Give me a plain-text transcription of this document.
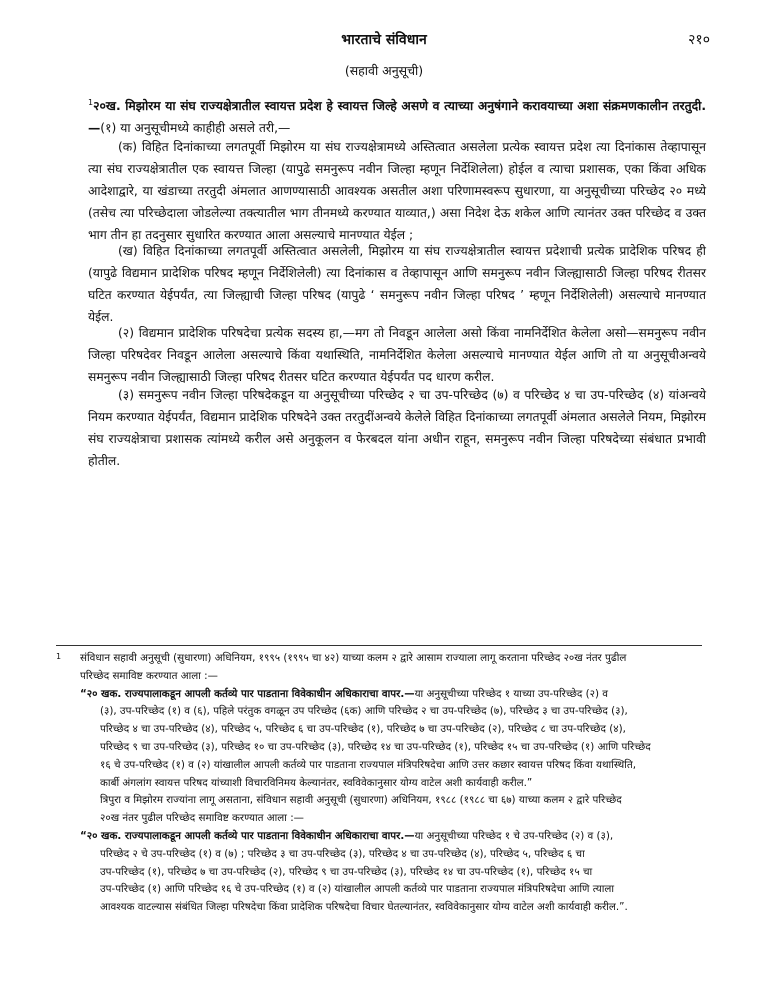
भारताचे संविधान	२१०
(सहावी अनुसूची)
$^1$२०ख. मिझोरम या संघ राज्यक्षेत्रातील स्वायत्त प्रदेश हे स्वायत्त जिल्हे असणे व त्याच्या अनुषंगाने करावयाच्या अशा संक्रमणकालीन तरतुदी.—(१) या अनुसूचीमध्ये काहीही असले तरी,—
(क) विहित दिनांकाच्या लगतपूर्वी मिझोरम या संघ राज्यक्षेत्रामध्ये अस्तित्वात असलेला प्रत्येक स्वायत्त प्रदेश त्या दिनांकास तेव्हापासून त्या संघ राज्यक्षेत्रातील एक स्वायत्त जिल्हा (यापुढे समनुरूप नवीन जिल्हा म्हणून निर्देशिलेला) होईल व त्याचा प्रशासक, एका किंवा अधिक आदेशाद्वारे, या खंडाच्या तरतुदी अंमलात आणण्यासाठी आवश्यक असतील अशा परिणामस्वरूप सुधारणा, या अनुसूचीच्या परिच्छेद २० मध्ये (तसेच त्या परिच्छेदाला जोडलेल्या तक्त्यातील भाग तीनमध्ये करण्यात याव्यात,) असा निदेश देऊ शकेल आणि त्यानंतर उक्त परिच्छेद व उक्त भाग तीन हा तदनुसार सुधारित करण्यात आला असल्याचे मानण्यात येईल ;
(ख) विहित दिनांकाच्या लगतपूर्वी अस्तित्वात असलेली, मिझोरम या संघ राज्यक्षेत्रातील स्वायत्त प्रदेशाची प्रत्येक प्रादेशिक परिषद ही (यापुढे विद्यमान प्रादेशिक परिषद म्हणून निर्देशिलेली) त्या दिनांकास व तेव्हापासून आणि समनुरूप नवीन जिल्ह्यासाठी जिल्हा परिषद रीतसर घटित करण्यात येईपर्यंत, त्या जिल्ह्याची जिल्हा परिषद (यापुढे ‘ समनुरूप नवीन जिल्हा परिषद ’ म्हणून निर्देशिलेली) असल्याचे मानण्यात येईल.
(२) विद्यमान प्रादेशिक परिषदेचा प्रत्येक सदस्य हा,—मग तो निवडून आलेला असो किंवा नामनिर्देशित केलेला असो—समनुरूप नवीन जिल्हा परिषदेवर निवडून आलेला असल्याचे किंवा यथास्थिति, नामनिर्देशित केलेला असल्याचे मानण्यात येईल आणि तो या अनुसूचीअन्वये समनुरूप नवीन जिल्ह्यासाठी जिल्हा परिषद रीतसर घटित करण्यात येईपर्यंत पद धारण करील.
(३) समनुरूप नवीन जिल्हा परिषदेकडून या अनुसूचीच्या परिच्छेद २ चा उप-परिच्छेद (७) व परिच्छेद ४ चा उप-परिच्छेद (४) यांअन्वये नियम करण्यात येईपर्यंत, विद्यमान प्रादेशिक परिषदेने उक्त तरतुदींअन्वये केलेले विहित दिनांकाच्या लगतपूर्वी अंमलात असलेले नियम, मिझोरम संघ राज्यक्षेत्राचा प्रशासक त्यांमध्ये करील असे अनुकूलन व फेरबदल यांना अधीन राहून, समनुरूप नवीन जिल्हा परिषदेच्या संबंधात प्रभावी होतील.
1 संविधान सहावी अनुसूची (सुधारणा) अधिनियम, १९९५ (१९९५ चा ४२) याच्या कलम २ द्वारे आसाम राज्याला लागू करताना परिच्छेद २०ख नंतर पुढील
परिच्छेद समाविष्ट करण्यात आला :—
“२० खक. राज्यपालाकडून आपली कर्तव्ये पार पाडताना विवेकाधीन अधिकाराचा वापर.—या अनुसूचीच्या परिच्छेद १ याच्या उप-परिच्छेद (२) व
(३), उप-परिच्छेद (१) व (६), पहिले परंतुक वगळून उप परिच्छेद (६क) आणि परिच्छेद २ चा उप-परिच्छेद (७), परिच्छेद ३ चा उप-परिच्छेद (३),
परिच्छेद ४ चा उप-परिच्छेद (४), परिच्छेद ५, परिच्छेद ६ चा उप-परिच्छेद (१), परिच्छेद ७ चा उप-परिच्छेद (२), परिच्छेद ८ चा उप-परिच्छेद (४),
परिच्छेद ९ चा उप-परिच्छेद (३), परिच्छेद १० चा उप-परिच्छेद (३), परिच्छेद १४ चा उप-परिच्छेद (१), परिच्छेद १५ चा उप-परिच्छेद (१) आणि परिच्छेद
१६ चे उप-परिच्छेद (१) व (२) यांखालील आपली कर्तव्ये पार पाडताना राज्यपाल मंत्रिपरिषदेचा आणि उत्तर कछार स्वायत्त परिषद किंवा यथास्थिति,
कार्बी अंगलांग स्वायत्त परिषद यांच्याशी विचारविनिमय केल्यानंतर, स्वविवेकानुसार योग्य वाटेल अशी कार्यवाही करील.”
त्रिपुरा व मिझोरम राज्यांना लागू असताना, संविधान सहावी अनुसूची (सुधारणा) अधिनियम, १९८८ (१९८८ चा ६७) याच्या कलम २ द्वारे परिच्छेद
२०ख नंतर पुढील परिच्छेद समाविष्ट करण्यात आला :—
“२० खक. राज्यपालाकडून आपली कर्तव्ये पार पाडताना विवेकाधीन अधिकाराचा वापर.—या अनुसूचीच्या परिच्छेद १ चे उप-परिच्छेद (२) व (३),
परिच्छेद २ चे उप-परिच्छेद (१) व (७) ; परिच्छेद ३ चा उप-परिच्छेद (३), परिच्छेद ४ चा उप-परिच्छेद (४), परिच्छेद ५, परिच्छेद ६ चा
उप-परिच्छेद (१), परिच्छेद ७ चा उप-परिच्छेद (२), परिच्छेद ९ चा उप-परिच्छेद (३), परिच्छेद १४ चा उप-परिच्छेद (१), परिच्छेद १५ चा
उप-परिच्छेद (१) आणि परिच्छेद १६ चे उप-परिच्छेद (१) व (२) यांखालील आपली कर्तव्ये पार पाडताना राज्यपाल मंत्रिपरिषदेचा आणि त्याला
आवश्यक वाटल्यास संबंधित जिल्हा परिषदेचा किंवा प्रादेशिक परिषदेचा विचार घेतल्यानंतर, स्वविवेकानुसार योग्य वाटेल अशी कार्यवाही करील.”.
